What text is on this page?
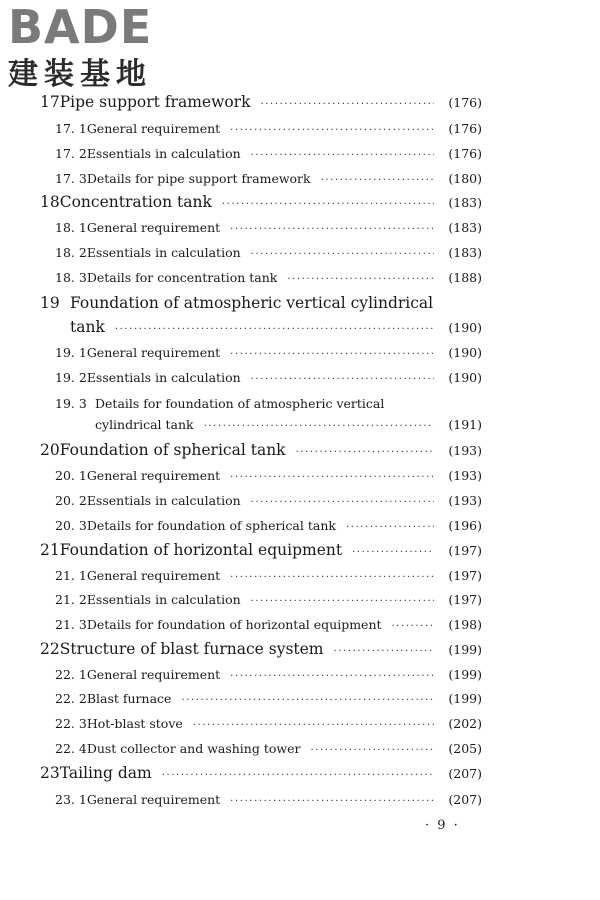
BADE
建装基地
17 Pipe support framework ·····	(176)
17. 1 General requirement ·····	(176)
17. 2 Essentials in calculation ·····	(176)
17. 3 Details for pipe support framework ·····	(180)
18 Concentration tank ·····	(183)
18. 1 General requirement ·····	(183)
18. 2 Essentials in calculation ·····	(183)
18. 3 Details for concentration tank ·····	(188)
19 Foundation of atmospheric vertical cylindrical
tank ·····	(190)
19. 1 General requirement ·····	(190)
19. 2 Essentials in calculation ·····	(190)
19. 3 Details for foundation of atmospheric vertical
cylindrical tank ·····	(191)
20 Foundation of spherical tank ·····	(193)
20. 1 General requirement ·····	(193)
20. 2 Essentials in calculation ·····	(193)
20. 3 Details for foundation of spherical tank ·····	(196)
21 Foundation of horizontal equipment ·····	(197)
21. 1 General requirement ·····	(197)
21. 2 Essentials in calculation ·····	(197)
21. 3 Details for foundation of horizontal equipment ·····	(198)
22 Structure of blast furnace system ·····	(199)
22. 1 General requirement ·····	(199)
22. 2 Blast furnace ·····	(199)
22. 3 Hot-blast stove ·····	(202)
22. 4 Dust collector and washing tower ·····	(205)
23 Tailing dam ·····	(207)
23. 1 General requirement ·····	(207)
· 9 ·
